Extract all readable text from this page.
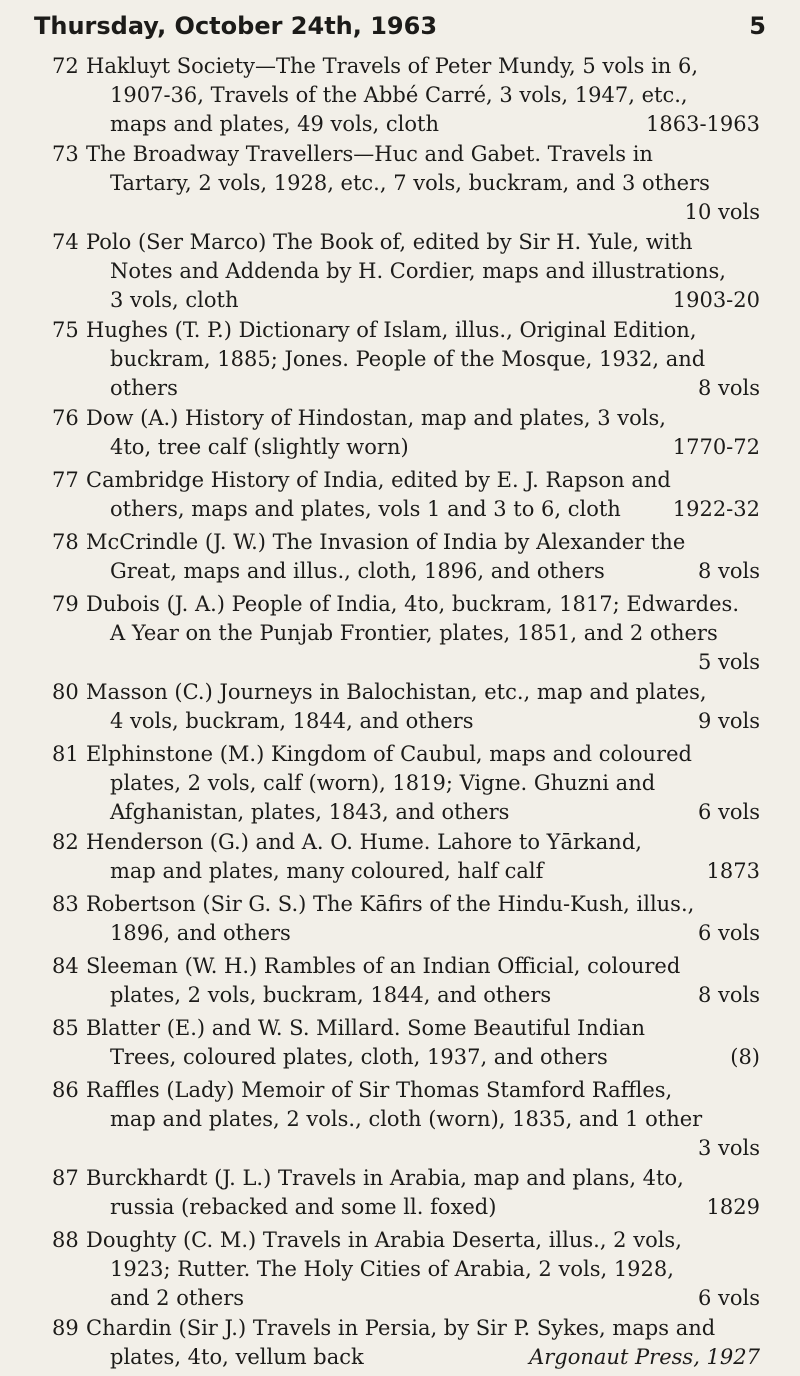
Thursday, October 24th, 1963	5
72 Hakluyt Society—The Travels of Peter Mundy, 5 vols in 6,
1907-36, Travels of the Abbé Carré, 3 vols, 1947, etc.,
maps and plates, 49 vols, cloth	1863-1963
73 The Broadway Travellers—Huc and Gabet. Travels in
Tartary, 2 vols, 1928, etc., 7 vols, buckram, and 3 others
10 vols
74 Polo (Ser Marco) The Book of, edited by Sir H. Yule, with
Notes and Addenda by H. Cordier, maps and illustrations,
3 vols, cloth	1903-20
75 Hughes (T. P.) Dictionary of Islam, illus., Original Edition,
buckram, 1885; Jones. People of the Mosque, 1932, and
others	8 vols
76 Dow (A.) History of Hindostan, map and plates, 3 vols,
4to, tree calf (slightly worn)	1770-72
77 Cambridge History of India, edited by E. J. Rapson and
others, maps and plates, vols 1 and 3 to 6, cloth	1922-32
78 McCrindle (J. W.) The Invasion of India by Alexander the
Great, maps and illus., cloth, 1896, and others	8 vols
79 Dubois (J. A.) People of India, 4to, buckram, 1817; Edwardes.
A Year on the Punjab Frontier, plates, 1851, and 2 others
5 vols
80 Masson (C.) Journeys in Balochistan, etc., map and plates,
4 vols, buckram, 1844, and others	9 vols
81 Elphinstone (M.) Kingdom of Caubul, maps and coloured
plates, 2 vols, calf (worn), 1819; Vigne. Ghuzni and
Afghanistan, plates, 1843, and others	6 vols
82 Henderson (G.) and A. O. Hume. Lahore to Yārkand,
map and plates, many coloured, half calf	1873
83 Robertson (Sir G. S.) The Kāfirs of the Hindu-Kush, illus.,
1896, and others	6 vols
84 Sleeman (W. H.) Rambles of an Indian Official, coloured
plates, 2 vols, buckram, 1844, and others	8 vols
85 Blatter (E.) and W. S. Millard. Some Beautiful Indian
Trees, coloured plates, cloth, 1937, and others	(8)
86 Raffles (Lady) Memoir of Sir Thomas Stamford Raffles,
map and plates, 2 vols., cloth (worn), 1835, and 1 other
3 vols
87 Burckhardt (J. L.) Travels in Arabia, map and plans, 4to,
russia (rebacked and some ll. foxed)	1829
88 Doughty (C. M.) Travels in Arabia Deserta, illus., 2 vols,
1923; Rutter. The Holy Cities of Arabia, 2 vols, 1928,
and 2 others	6 vols
89 Chardin (Sir J.) Travels in Persia, by Sir P. Sykes, maps and
plates, 4to, vellum back	Argonaut Press, 1927
